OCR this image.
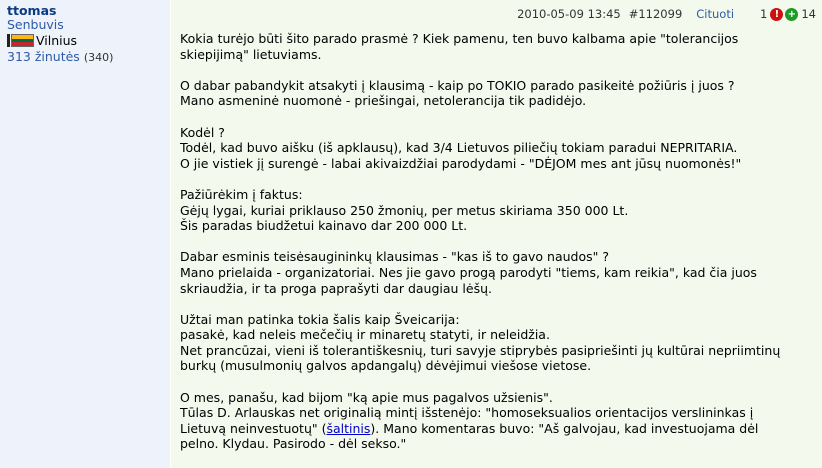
ttomas
Senbuvis
Vilnius
313 žinutės (340)
2010-05-09 13:45 #112099 Cituoti 1 ! + 14

Kokia turėjo būti šito parado prasmė ? Kiek pamenu, ten buvo kalbama apie "tolerancijos
skiepijimą" lietuviams.

O dabar pabandykit atsakyti į klausimą - kaip po TOKIO parado pasikeitė požiūris į juos ?
Mano asmeninė nuomonė - priešingai, netolerancija tik padidėjo.

Kodėl ?
Todėl, kad buvo aišku (iš apklausų), kad 3/4 Lietuvos piliečių tokiam paradui NEPRITARIA.
O jie vistiek jį surengė - labai akivaizdžiai parodydami - "DĖJOM mes ant jūsų nuomonės!"

Pažiūrėkim į faktus:
Gėjų lygai, kuriai priklauso 250 žmonių, per metus skiriama 350 000 Lt.
Šis paradas biudžetui kainavo dar 200 000 Lt.

Dabar esminis teisėsaugininkų klausimas - "kas iš to gavo naudos" ?
Mano prielaida - organizatoriai. Nes jie gavo progą parodyti "tiems, kam reikia", kad čia juos
skriaudžia, ir ta proga paprašyti dar daugiau lėšų.

Užtai man patinka tokia šalis kaip Šveicarija:
pasakė, kad neleis mečečių ir minaretų statyti, ir neleidžia.
Net prancūzai, vieni iš tolerantiškesnių, turi savyje stiprybės pasipriešinti jų kultūrai nepriimtinų
burkų (musulmonių galvos apdangalų) dėvėjimui viešose vietose.

O mes, panašu, kad bijom "ką apie mus pagalvos užsienis".
Tūlas D. Arlauskas net originalią mintį išstenėjo: "homoseksualios orientacijos verslininkas į
Lietuvą neinvestuotų" (šaltinis). Mano komentaras buvo: "Aš galvojau, kad investuojama dėl
pelno. Klydau. Pasirodo - dėl sekso."
